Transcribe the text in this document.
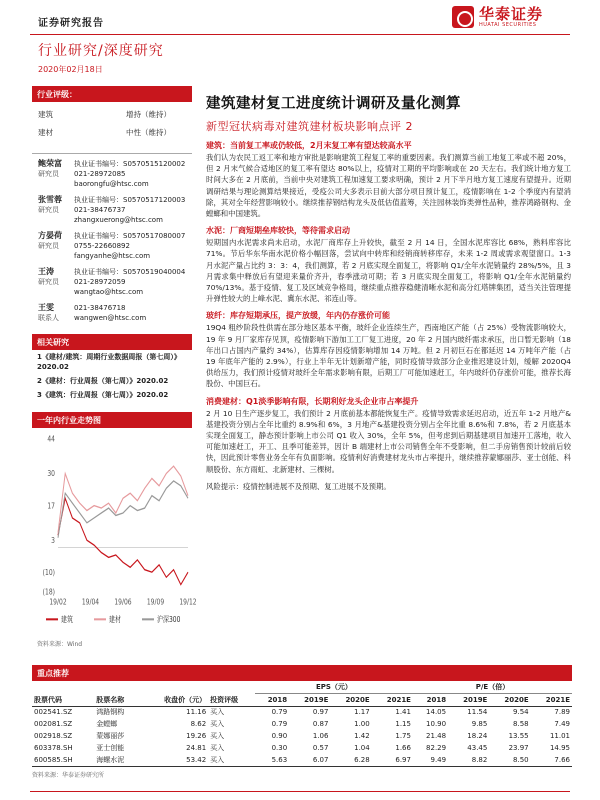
证券研究报告
华泰证券
HUATAI SECURITIES
行业研究/深度研究
2020年02月18日
行业评级：
建筑	增持（维持）
建材	中性（维持）
鲍荣富
研究员
执业证书编号：S0570515120002
021-28972085
baorongfu@htsc.com
张雪蓉
研究员
执业证书编号：S0570517120003
021-38476737
zhangxuerong@htsc.com
方晏荷
研究员
执业证书编号：S0570517080007
0755-22660892
fangyanhe@htsc.com
王涛
研究员
执业证书编号：S0570519040004
021-28972059
wangtao@htsc.com
王雯
联系人
021-38476718
wangwen@htsc.com
相关研究
1《建材/建筑：周期行业数据周报（第七周）》2020.02
2《建材：行业周报（第七周）》2020.02
3《建筑：行业周报（第七周）》2020.02
一年内行业走势图
44
30
17
3
(10)
(18)
19/02	19/04	19/06	19/09	19/12
建筑	建材	沪深300
资料来源：Wind
建筑建材复工进度统计调研及量化测算
新型冠状病毒对建筑建材板块影响点评 2
建筑：当前复工率或仍较低，2月末复工率有望达较高水平
我们认为农民工返工率和地方审批是影响建筑工程复工率的重要因素。我们测算当前工地复工率或不超 20%，但 2 月末气候合适地区的复工率有望达 80%以上，疫情对工期的平均影响或在 20 天左右。我们统计地方复工时间大多在 2 月底前，当前中央对建筑工程加速复工要求明确，预计 2 月下半月地方复工速度有望提升。近期调研结果与理论测算结果接近，受疫公司大多表示目前大部分项目预计复工，疫情影响在 1-2 个季度内有望消除，其对全年经营影响较小。继续推荐钢结构龙头及低估值蓝筹，关注园林装饰类弹性品种，推荐鸿路钢构、金螳螂和中国建筑。
水泥：厂商短期垒库较快，等待需求启动
短期国内水泥需求尚未启动，水泥厂商库存上升较快，截至 2 月 14 日，全国水泥库容比 68%，熟料库容比 71%。节后华东华南水泥价格小幅回落，尝试向中转库和经销商转移库存，未来 1-2 周或需求观望窗口。1-3 月水泥产量占比约 3：3：4，我们测算，若 2 月底实现全面复工，将影响 Q1/全年水泥销量约 28%/5%，且 3 月需求集中释放后有望迎来量价齐升，春季涨动可期；若 3 月底实现全面复工，将影响 Q1/全年水泥销量约 70%/13%。基于疫情、复工及区域竞争格局，继续重点推荐稳健清晰水泥和高分红塔牌集团，适当关注管理提升弹性较大的上峰水泥、冀东水泥、祁连山等。
玻纤：库存短期承压，提产放缓，年内仍存涨价可能
19Q4 粗纱阶段性供需在部分地区基本平衡，玻纤企业连续生产，西南地区产能（占 25%）受物流影响较大，19 年 9 月厂家库存见顶，疫情影响下游加工工厂复工进度，20 年 2 月国内玻纤需求承压，出口暂无影响（18 年出口占国内产量约 34%），估算库存因疫情影响增加 14 万吨。但 2 月初巨石在都延迟 14 万吨年产能（占 19 年底年产能的 2.9%），行业上半年无计划新增产能，同时疫情导致部分企业推迟建设计划，缓解 2020Q4 供给压力，我们预计疫情对玻纤全年需求影响有限，后期工厂可能加速赶工，年内玻纤仍存涨价可能，推荐长海股份、中国巨石。
消费建材：Q1淡季影响有限，长期利好龙头企业市占率提升
2 月 10 日生产逐步复工，我们预计 2 月底前基本都能恢复生产。疫情导致需求延迟启动，近五年 1-2 月地产&基建投资分别占全年比重约 8.9%和 6%，3 月地产&基建投资分别占全年比重 8.6%和 7.8%，若 2 月底基本实现全面复工，静态预计影响上市公司 Q1 收入 30%，全年 5%，但考虑到后期基建项目加速开工落地，收入可能加速赶工，开工、且季可能差异，因计 B 端建材上市公司销售全年不受影响，但二手房销售预计较前后较快，因此预计零售业务全年有负面影响。疫情利好消费建材龙头市占率提升，继续推荐蒙娜丽莎、亚士创能、科顺股份、东方雨虹、北新建材、三棵树。
风险提示：疫情控制进展不及预期、复工进展不及预期。
重点推荐
				EPS（元）				P/E（倍）			
股票代码	股票名称	收盘价（元）	投资评级	2018	2019E	2020E	2021E	2018	2019E	2020E	2021E
002541.SZ	鸿路钢构	11.16	买入	0.79	0.97	1.17	1.41	14.05	11.54	9.54	7.89
002081.SZ	金螳螂	8.62	买入	0.79	0.87	1.00	1.15	10.90	9.85	8.58	7.49
002918.SZ	蒙娜丽莎	19.26	买入	0.90	1.06	1.42	1.75	21.48	18.24	13.55	11.01
603378.SH	亚士创能	24.81	买入	0.30	0.57	1.04	1.66	82.29	43.45	23.97	14.95
600585.SH	海螺水泥	53.42	买入	5.63	6.07	6.28	6.97	9.49	8.82	8.50	7.66
资料来源：华泰证券研究所
